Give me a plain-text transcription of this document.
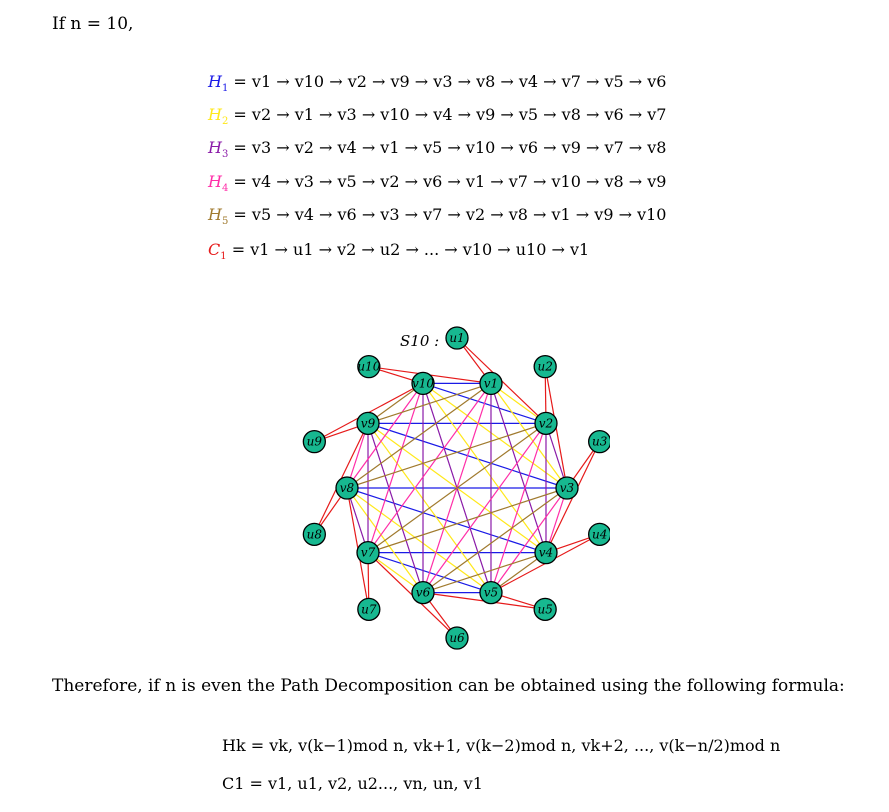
If n = 10,
$H_1 = v1 \to v10 \to v2 \to v9 \to v3 \to v8 \to v4 \to v7 \to v5 \to v6$
$H_2 = v2 \to v1 \to v3 \to v10 \to v4 \to v9 \to v5 \to v8 \to v6 \to v7$
$H_3 = v3 \to v2 \to v4 \to v1 \to v5 \to v10 \to v6 \to v9 \to v7 \to v8$
$H_4 = v4 \to v3 \to v5 \to v2 \to v6 \to v1 \to v7 \to v10 \to v8 \to v9$
$H_5 = v5 \to v4 \to v6 \to v3 \to v7 \to v2 \to v8 \to v1 \to v9 \to v10$
$C_1 = v1 \to u1 \to v2 \to u2$ → ... → v10 → u10 → v1
v1
v2
v3
v4
v5
v6
v7
v8
v9
v10
u1
u2
u3
u4
u5
u6
u7
u8
u9
u10
S10 :
Therefore, if n is even the Path Decomposition can be obtained using the following formula:
Hk = vk, v(k−1)mod n, vk+1, v(k−2)mod n, vk+2, ..., v(k−n/2)mod n
C1 = v1, u1, v2, u2..., vn, un, v1
